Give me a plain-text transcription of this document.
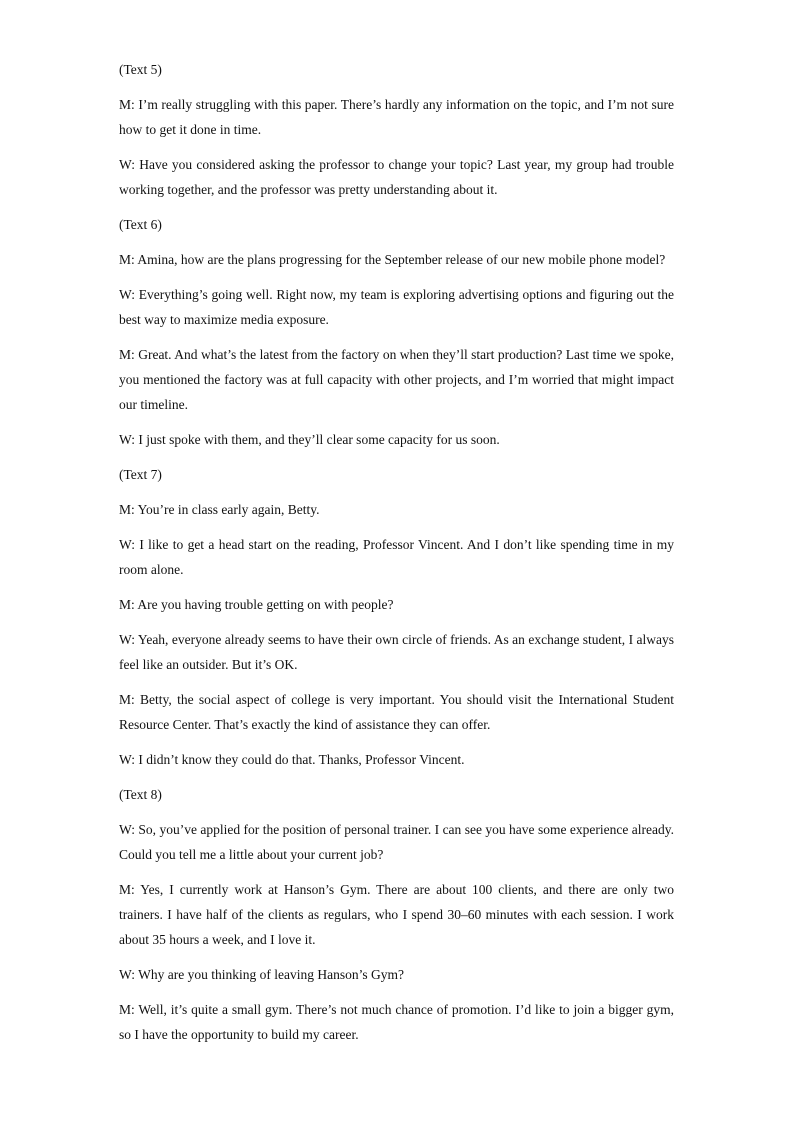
(Text 5)

M: I’m really struggling with this paper. There’s hardly any information on the topic, and I’m not sure how to get it done in time.

W: Have you considered asking the professor to change your topic? Last year, my group had trouble working together, and the professor was pretty understanding about it.

(Text 6)

M: Amina, how are the plans progressing for the September release of our new mobile phone model?

W: Everything’s going well. Right now, my team is exploring advertising options and figuring out the best way to maximize media exposure.

M: Great. And what’s the latest from the factory on when they’ll start production? Last time we spoke, you mentioned the factory was at full capacity with other projects, and I’m worried that might impact our timeline.

W: I just spoke with them, and they’ll clear some capacity for us soon.

(Text 7)

M: You’re in class early again, Betty.

W: I like to get a head start on the reading, Professor Vincent. And I don’t like spending time in my room alone.

M: Are you having trouble getting on with people?

W: Yeah, everyone already seems to have their own circle of friends. As an exchange student, I always feel like an outsider. But it’s OK.

M: Betty, the social aspect of college is very important. You should visit the International Student Resource Center. That’s exactly the kind of assistance they can offer.

W: I didn’t know they could do that. Thanks, Professor Vincent.

(Text 8)

W: So, you’ve applied for the position of personal trainer. I can see you have some experience already. Could you tell me a little about your current job?

M: Yes, I currently work at Hanson’s Gym. There are about 100 clients, and there are only two trainers. I have half of the clients as regulars, who I spend 30–60 minutes with each session. I work about 35 hours a week, and I love it.

W: Why are you thinking of leaving Hanson’s Gym?

M: Well, it’s quite a small gym. There’s not much chance of promotion. I’d like to join a bigger gym, so I have the opportunity to build my career.
